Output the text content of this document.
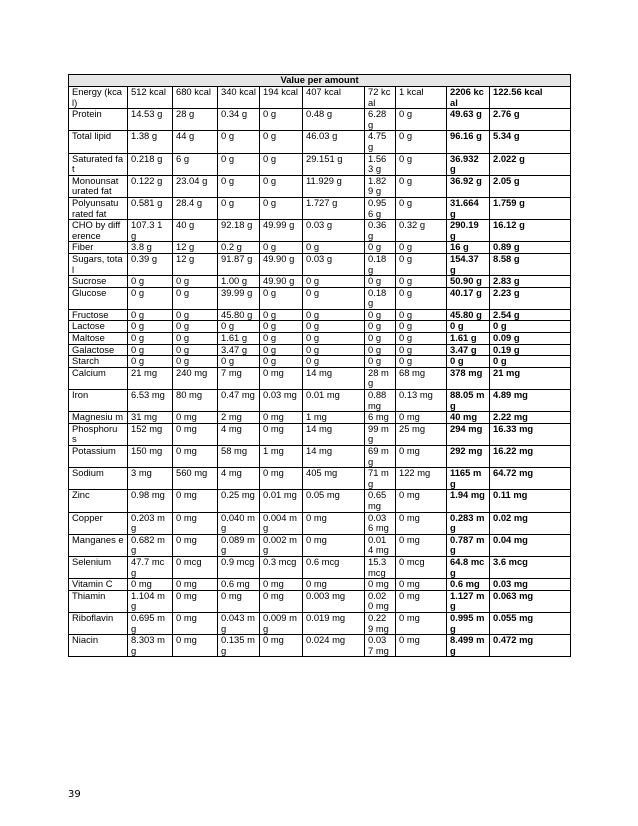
Value per amount									
Energy (kcal)	512 kcal	680 kcal	340 kcal	194 kcal	407 kcal	72 kcal	1 kcal	2206 kcal	122.56 kcal
Protein	14.53 g	28 g	0.34 g	0 g	0.48 g	6.28 g	0 g	49.63 g	2.76 g
Total lipid	1.38 g	44 g	0 g	0 g	46.03 g	4.75 g	0 g	96.16 g	5.34 g
Saturated fat	0.218 g	6 g	0 g	0 g	29.151 g	1.56 3 g	0 g	36.932 g	2.022 g
Monounsat urated fat	0.122 g	23.04 g	0 g	0 g	11.929 g	1.82 9 g	0 g	36.92 g	2.05 g
Polyunsatu rated fat	0.581 g	28.4 g	0 g	0 g	1.727 g	0.95 6 g	0 g	31.664 g	1.759 g
CHO by difference	107.3 1 g	40 g	92.18 g	49.99 g	0.03 g	0.36 g	0.32 g	290.19 g	16.12 g
Fiber	3.8 g	12 g	0.2 g	0 g	0 g	0 g	0 g	16 g	0.89 g
Sugars, total	0.39 g	12 g	91.87 g	49.90 g	0.03 g	0.18 g	0 g	154.37 g	8.58 g
Sucrose	0 g	0 g	1.00 g	49.90 g	0 g	0 g	0 g	50.90 g	2.83 g
Glucose	0 g	0 g	39.99 g	0 g	0 g	0.18 g	0 g	40.17 g	2.23 g
Fructose	0 g	0 g	45.80 g	0 g	0 g	0 g	0 g	45.80 g	2.54 g
Lactose	0 g	0 g	0 g	0 g	0 g	0 g	0 g	0 g	0 g
Maltose	0 g	0 g	1.61 g	0 g	0 g	0 g	0 g	1.61 g	0.09 g
Galactose	0 g	0 g	3.47 g	0 g	0 g	0 g	0 g	3.47 g	0.19 g
Starch	0 g	0 g	0 g	0 g	0 g	0 g	0 g	0 g	0 g
Calcium	21 mg	240 mg	7 mg	0 mg	14 mg	28 mg	68 mg	378 mg	21 mg
Iron	6.53 mg	80 mg	0.47 mg	0.03 mg	0.01 mg	0.88 mg	0.13 mg	88.05 mg	4.89 mg
Magnesiu m	31 mg	0 mg	2 mg	0 mg	1 mg	6 mg	0 mg	40 mg	2.22 mg
Phosphoru s	152 mg	0 mg	4 mg	0 mg	14 mg	99 mg	25 mg	294 mg	16.33 mg
Potassium	150 mg	0 mg	58 mg	1 mg	14 mg	69 mg	0 mg	292 mg	16.22 mg
Sodium	3 mg	560 mg	4 mg	0 mg	405 mg	71 mg	122 mg	1165 mg	64.72 mg
Zinc	0.98 mg	0 mg	0.25 mg	0.01 mg	0.05 mg	0.65 mg	0 mg	1.94 mg	0.11 mg
Copper	0.203 mg	0 mg	0.040 mg	0.004 mg	0 mg	0.03 6 mg	0 mg	0.283 mg	0.02 mg
Manganes e	0.682 mg	0 mg	0.089 mg	0.002 mg	0 mg	0.01 4 mg	0 mg	0.787 mg	0.04 mg
Selenium	47.7 mcg	0 mcg	0.9 mcg	0.3 mcg	0.6 mcg	15.3 mcg	0 mcg	64.8 mcg	3.6 mcg
Vitamin C	0 mg	0 mg	0.6 mg	0 mg	0 mg	0 mg	0 mg	0.6 mg	0.03 mg
Thiamin	1.104 mg	0 mg	0 mg	0 mg	0.003 mg	0.02 0 mg	0 mg	1.127 mg	0.063 mg
Riboflavin	0.695 mg	0 mg	0.043 mg	0.009 mg	0.019 mg	0.22 9 mg	0 mg	0.995 mg	0.055 mg
Niacin	8.303 mg	0 mg	0.135 mg	0 mg	0.024 mg	0.03 7 mg	0 mg	8.499 mg	0.472 mg
39
